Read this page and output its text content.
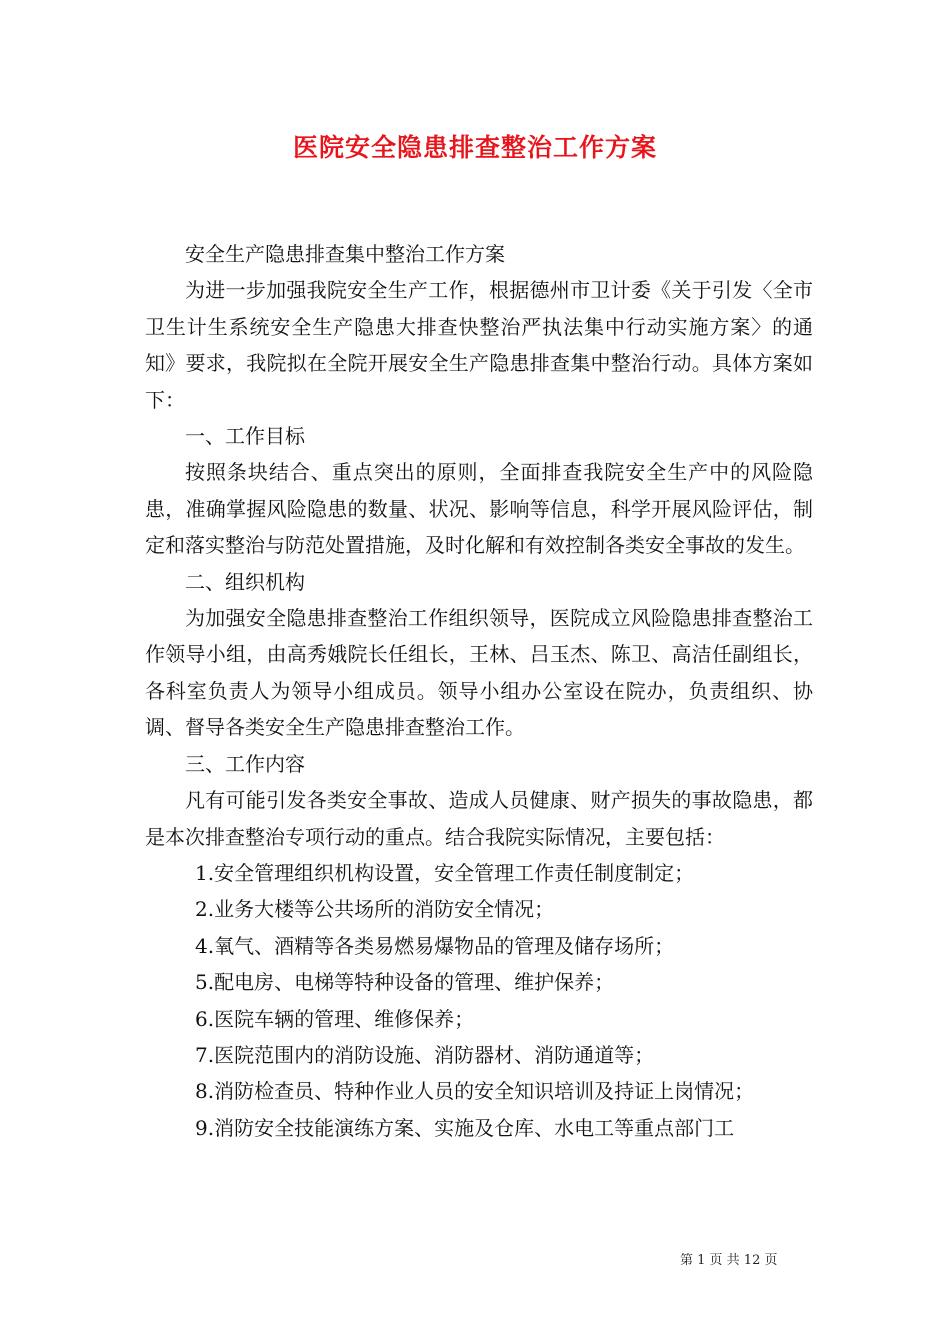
医院安全隐患排查整治工作方案

安全生产隐患排查集中整治工作方案

为进一步加强我院安全生产工作，根据德州市卫计委《关于引发〈全市卫生计生系统安全生产隐患大排查快整治严执法集中行动实施方案〉的通知》要求，我院拟在全院开展安全生产隐患排查集中整治行动。具体方案如下：

一、工作目标

按照条块结合、重点突出的原则，全面排查我院安全生产中的风险隐患，准确掌握风险隐患的数量、状况、影响等信息，科学开展风险评估，制定和落实整治与防范处置措施，及时化解和有效控制各类安全事故的发生。

二、组织机构

为加强安全隐患排查整治工作组织领导，医院成立风险隐患排查整治工作领导小组，由高秀娥院长任组长，王林、吕玉杰、陈卫、高洁任副组长，各科室负责人为领导小组成员。领导小组办公室设在院办，负责组织、协调、督导各类安全生产隐患排查整治工作。

三、工作内容

凡有可能引发各类安全事故、造成人员健康、财产损失的事故隐患，都是本次排查整治专项行动的重点。结合我院实际情况，主要包括：

1.安全管理组织机构设置，安全管理工作责任制度制定；

2.业务大楼等公共场所的消防安全情况；

4.氧气、酒精等各类易燃易爆物品的管理及储存场所；

5.配电房、电梯等特种设备的管理、维护保养；

6.医院车辆的管理、维修保养；

7.医院范围内的消防设施、消防器材、消防通道等；

8.消防检查员、特种作业人员的安全知识培训及持证上岗情况；

9.消防安全技能演练方案、实施及仓库、水电工等重点部门工

第 1 页 共 12 页
